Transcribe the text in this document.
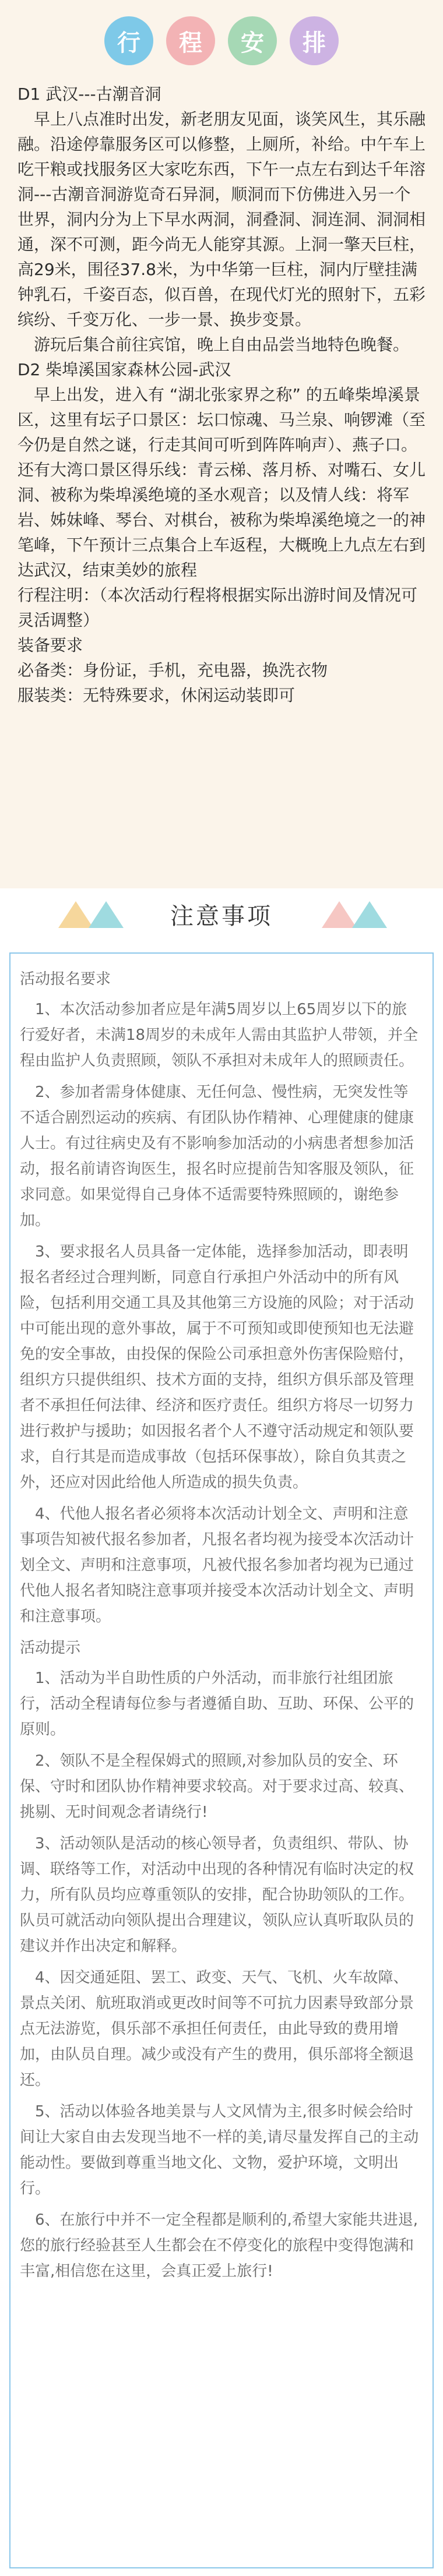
行 程 安 排

D1 武汉---古潮音洞

早上八点准时出发，新老朋友见面，谈笑风生，其乐融融。沿途停靠服务区可以修整，上厕所，补给。中午车上吃干粮或找服务区大家吃东西，下午一点左右到达千年溶洞---古潮音洞游览奇石异洞，顺洞而下仿佛进入另一个世界，洞内分为上下早水两洞，洞叠洞、洞连洞、洞洞相通，深不可测，距今尚无人能穿其源。上洞一擎天巨柱，高29米，围径37.8米，为中华第一巨柱，洞内厅壁挂满钟乳石，千姿百态，似百兽，在现代灯光的照射下，五彩缤纷、千变万化、一步一景、换步变景。

游玩后集合前往宾馆，晚上自由品尝当地特色晚餐。

D2 柴埠溪国家森林公园-武汉

早上出发，进入有 “湖北张家界之称” 的五峰柴埠溪景区，这里有坛子口景区：坛口惊魂、马兰泉、响锣滩（至今仍是自然之谜，行走其间可听到阵阵响声）、燕子口。还有大湾口景区得乐线：青云梯、落月桥、对嘴石、女儿洞、被称为柴埠溪绝境的圣水观音；以及情人线：将军岩、姊妹峰、琴台、对棋台，被称为柴埠溪绝境之一的神笔峰，下午预计三点集合上车返程，大概晚上九点左右到达武汉，结束美妙的旅程

行程注明：（本次活动行程将根据实际出游时间及情况可灵活调整）

装备要求

必备类：身份证，手机，充电器，换洗衣物

服装类：无特殊要求，休闲运动装即可

注意事项

活动报名要求

1、本次活动参加者应是年满5周岁以上65周岁以下的旅行爱好者，未满18周岁的未成年人需由其监护人带领，并全程由监护人负责照顾，领队不承担对未成年人的照顾责任。

2、参加者需身体健康、无任何急、慢性病，无突发性等不适合剧烈运动的疾病、有团队协作精神、心理健康的健康人士。有过往病史及有不影响参加活动的小病患者想参加活动，报名前请咨询医生，报名时应提前告知客服及领队，征求同意。如果觉得自己身体不适需要特殊照顾的，谢绝参加。

3、要求报名人员具备一定体能，选择参加活动，即表明报名者经过合理判断，同意自行承担户外活动中的所有风险，包括利用交通工具及其他第三方设施的风险；对于活动中可能出现的意外事故，属于不可预知或即使预知也无法避免的安全事故，由投保的保险公司承担意外伤害保险赔付，组织方只提供组织、技术方面的支持，组织方俱乐部及管理者不承担任何法律、经济和医疗责任。组织方将尽一切努力进行救护与援助；如因报名者个人不遵守活动规定和领队要求，自行其是而造成事故（包括环保事故），除自负其责之外，还应对因此给他人所造成的损失负责。

4、代他人报名者必须将本次活动计划全文、声明和注意事项告知被代报名参加者，凡报名者均视为接受本次活动计划全文、声明和注意事项，凡被代报名参加者均视为已通过代他人报名者知晓注意事项并接受本次活动计划全文、声明和注意事项。

活动提示

1、活动为半自助性质的户外活动，而非旅行社组团旅行，活动全程请每位参与者遵循自助、互助、环保、公平的原则。

2、领队不是全程保姆式的照顾,对参加队员的安全、环保、守时和团队协作精神要求较高。对于要求过高、较真、挑剔、无时间观念者请绕行!

3、活动领队是活动的核心领导者，负责组织、带队、协调、联络等工作，对活动中出现的各种情况有临时决定的权力，所有队员均应尊重领队的安排，配合协助领队的工作。队员可就活动向领队提出合理建议，领队应认真听取队员的建议并作出决定和解释。

4、因交通延阻、罢工、政变、天气、飞机、火车故障、景点关闭、航班取消或更改时间等不可抗力因素导致部分景点无法游览，俱乐部不承担任何责任，由此导致的费用增加，由队员自理。减少或没有产生的费用，俱乐部将全额退还。

5、活动以体验各地美景与人文风情为主,很多时候会给时间让大家自由去发现当地不一样的美,请尽量发挥自己的主动能动性。要做到尊重当地文化、文物，爱护环境，文明出行。

6、在旅行中并不一定全程都是顺利的,希望大家能共进退,您的旅行经验甚至人生都会在不停变化的旅程中变得饱满和丰富,相信您在这里，会真正爱上旅行!
